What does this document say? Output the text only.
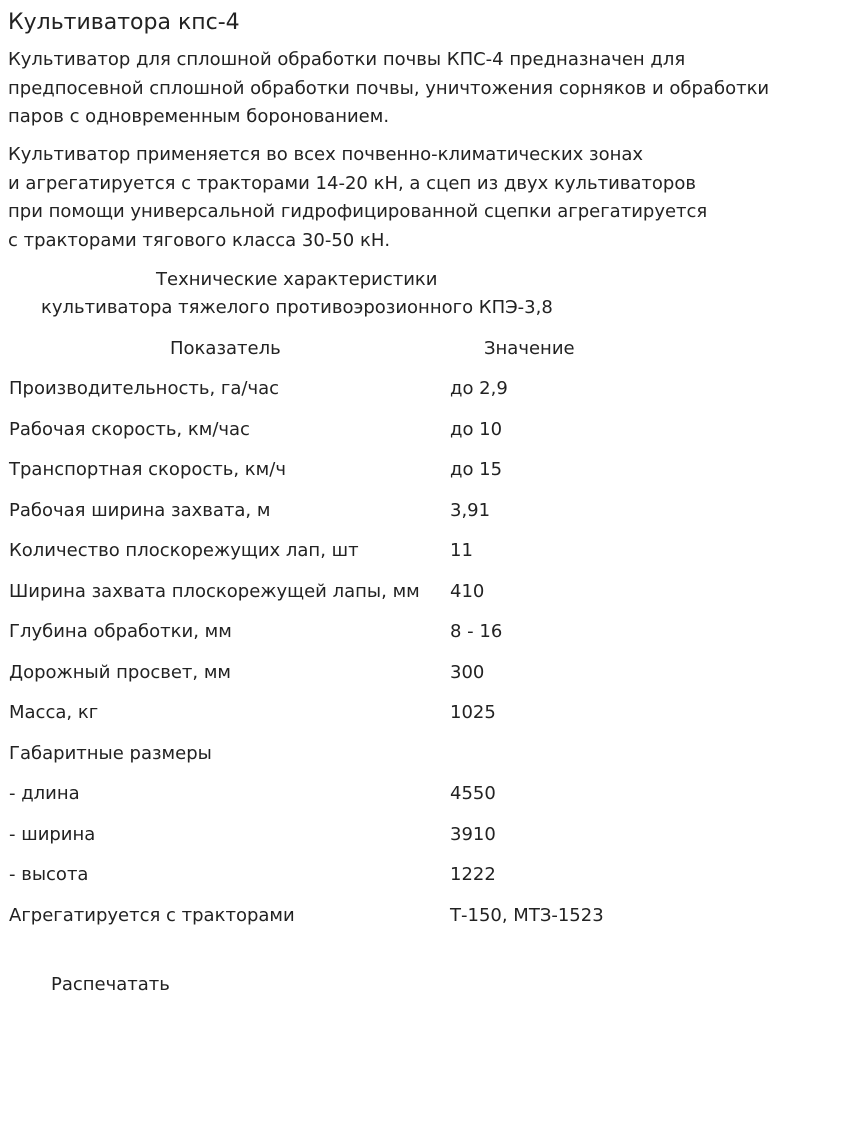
Культиватора кпс-4

Культиватор для сплошной обработки почвы КПС-4 предназначен для
предпосевной сплошной обработки почвы, уничтожения сорняков и обработки
паров с одновременным боронованием.

Культиватор применяется во всех почвенно-климатических зонах
и агрегатируется с тракторами 14-20 кН, а сцеп из двух культиваторов
при помощи универсальной гидрофицированной сцепки агрегатируется
с тракторами тягового класса 30-50 кН.

Технические характеристики
культиватора тяжелого противоэрозионного КПЭ-3,8
Показатель	Значение
Производительность, га/час	до 2,9
Рабочая скорость, км/час	до 10
Транспортная скорость, км/ч	до 15
Рабочая ширина захвата, м	3,91
Количество плоскорежущих лап, шт	11
Ширина захвата плоскорежущей лапы, мм 410
Глубина обработки, мм	8 - 16
Дорожный просвет, мм	300
Масса, кг	1025
Габаритные размеры
- длина	4550
- ширина	3910
- высота	1222
Агрегатируется с тракторами	Т-150, МТЗ-1523
Распечатать
